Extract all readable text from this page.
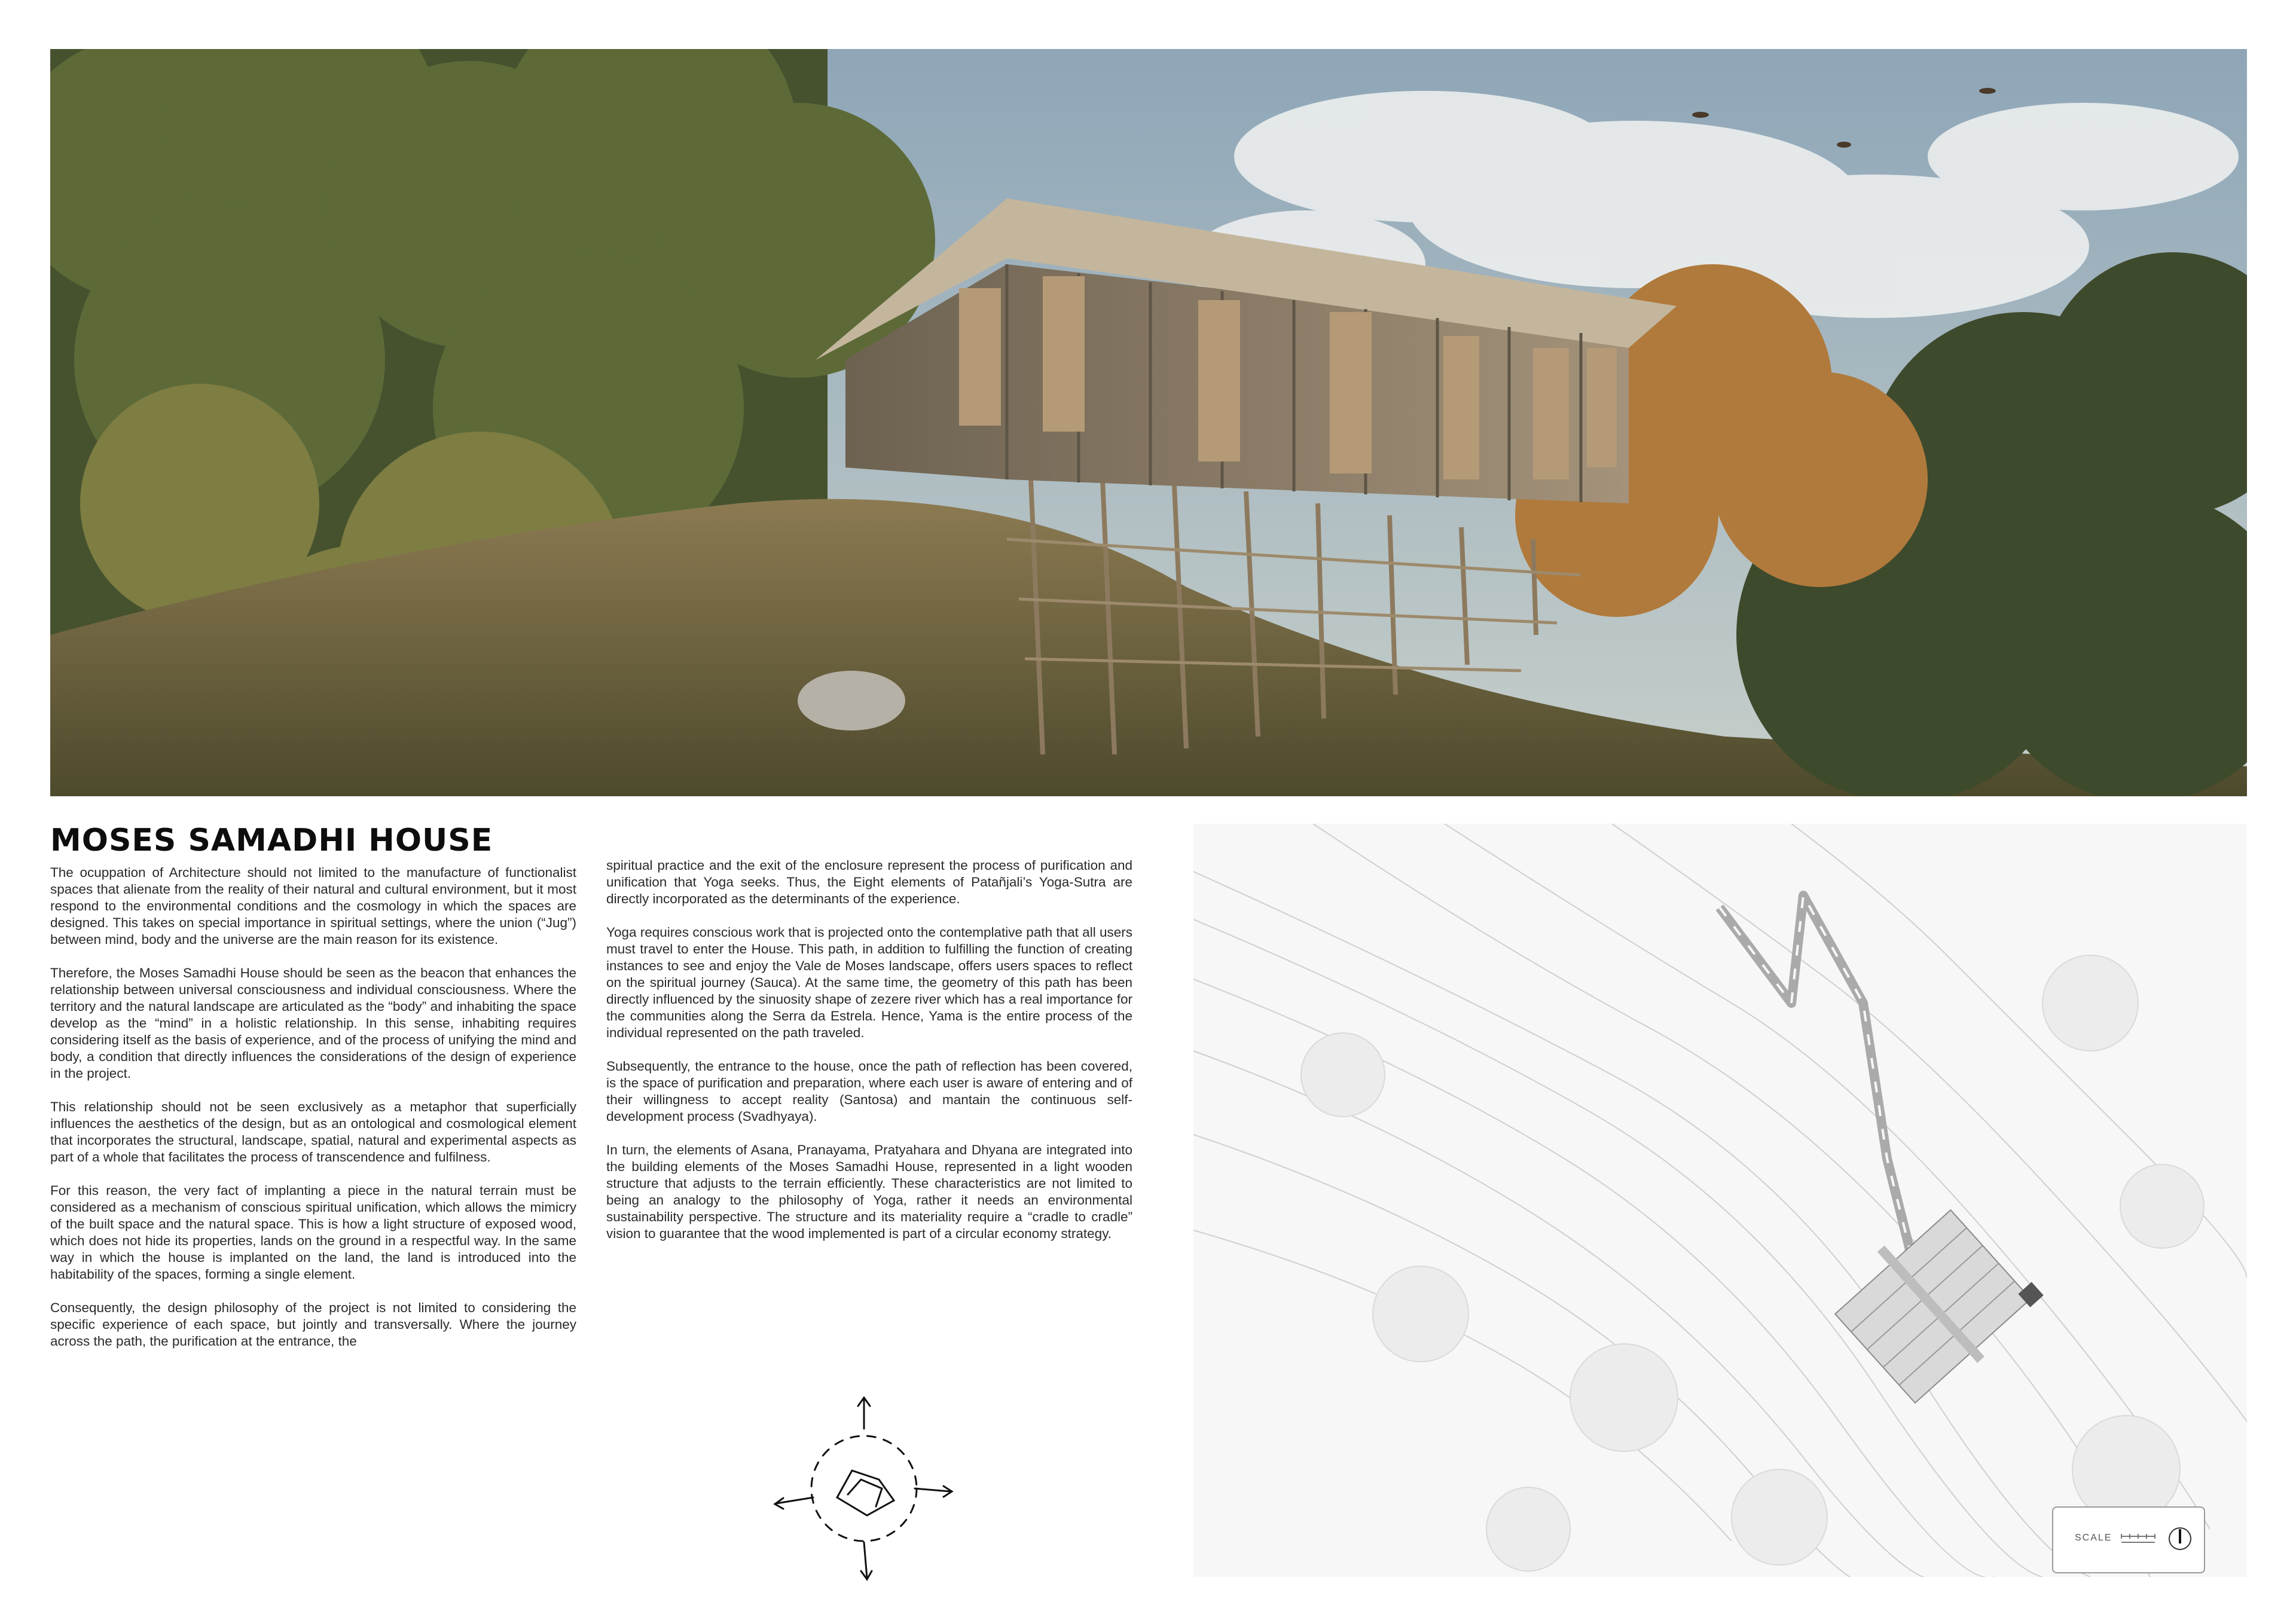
MOSES SAMADHI HOUSE

The ocuppation of Architecture should not limited to the manufacture of functionalist spaces that alienate from the reality of their natural and cultural environment, but it most respond to the environmental conditions and the cosmology in which the spaces are designed. This takes on special importance in spiritual settings, where the union (“Jug”) between mind, body and the universe are the main reason for its existence.

Therefore, the Moses Samadhi House should be seen as the beacon that enhances the relationship between universal consciousness and individual consciousness. Where the territory and the natural landscape are articulated as the “body” and inhabiting the space develop as the “mind” in a holistic relationship. In this sense, inhabiting requires considering itself as the basis of experience, and of the process of unifying the mind and body, a condition that directly influences the considerations of the design of experience in the project.

This relationship should not be seen exclusively as a metaphor that superficially influences the aesthetics of the design, but as an ontological and cosmological element that incorporates the structural, landscape, spatial, natural and experimental aspects as part of a whole that facilitates the process of transcendence and fulfilness.

For this reason, the very fact of implanting a piece in the natural terrain must be considered as a mechanism of conscious spiritual unification, which allows the mimicry of the built space and the natural space. This is how a light structure of exposed wood, which does not hide its properties, lands on the ground in a respectful way. In the same way in which the house is implanted on the land, the land is introduced into the habitability of the spaces, forming a single element.

Consequently, the design philosophy of the project is not limited to considering the specific experience of each space, but jointly and transversally. Where the journey across the path, the purification at the entrance, the

spiritual practice and the exit of the enclosure represent the process of purification and unification that Yoga seeks. Thus, the Eight elements of Patañjali’s Yoga-Sutra are directly incorporated as the determinants of the experience.

Yoga requires conscious work that is projected onto the contemplative path that all users must travel to enter the House. This path, in addition to fulfilling the function of creating instances to see and enjoy the Vale de Moses landscape, offers users spaces to reflect on the spiritual journey (Sauca). At the same time, the geometry of this path has been directly influenced by the sinuosity shape of zezere river which has a real importance for the communities along the Serra da Estrela. Hence, Yama is the entire process of the individual represented on the path traveled.

Subsequently, the entrance to the house, once the path of reflection has been covered, is the space of purification and preparation, where each user is aware of entering and of their willingness to accept reality (Santosa) and mantain the continuous self-development process (Svadhyaya).

In turn, the elements of Asana, Pranayama, Pratyahara and Dhyana are integrated into the building elements of the Moses Samadhi House, represented in a light wooden structure that adjusts to the terrain efficiently. These characteristics are not limited to being an analogy to the philosophy of Yoga, rather it needs an environmental sustainability perspective. The structure and its materiality require a “cradle to cradle” vision to guarantee that the wood implemented is part of a circular economy strategy.

SCALE
